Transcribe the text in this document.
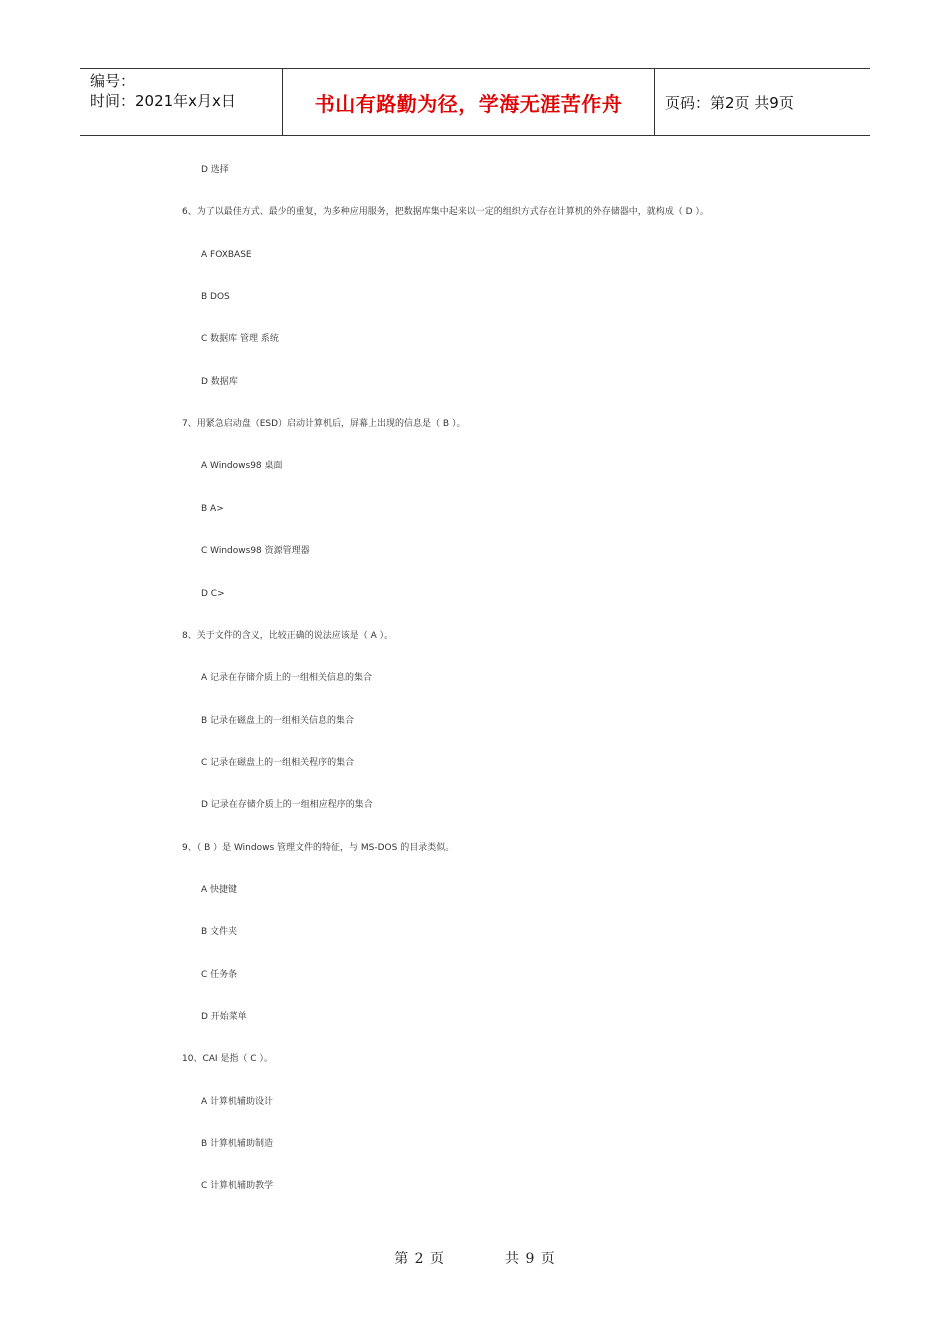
编号：
时间：2021年x月x日	书山有路勤为径，学海无涯苦作舟	页码：第2页 共9页
D 选择
6、为了以最佳方式、最少的重复，为多种应用服务，把数据库集中起来以一定的组织方式存在计算机的外存储器中，就构成（ D ）。
A FOXBASE
B DOS
C 数据库 管理 系统
D 数据库
7、用紧急启动盘（ESD）启动计算机后，屏幕上出现的信息是（ B ）。
A Windows98 桌面
B A>
C Windows98 资源管理器
D C>
8、关于文件的含义，比较正确的说法应该是（ A ）。
A 记录在存储介质上的一组相关信息的集合
B 记录在磁盘上的一组相关信息的集合
C 记录在磁盘上的一组相关程序的集合
D 记录在存储介质上的一组相应程序的集合
9、（ B ）是 Windows 管理文件的特征，与 MS-DOS 的目录类似。
A 快捷键
B 文件夹
C 任务条
D 开始菜单
10、CAI 是指（ C ）。
A 计算机辅助设计
B 计算机辅助制造
C 计算机辅助教学
第 2 页	共 9 页
